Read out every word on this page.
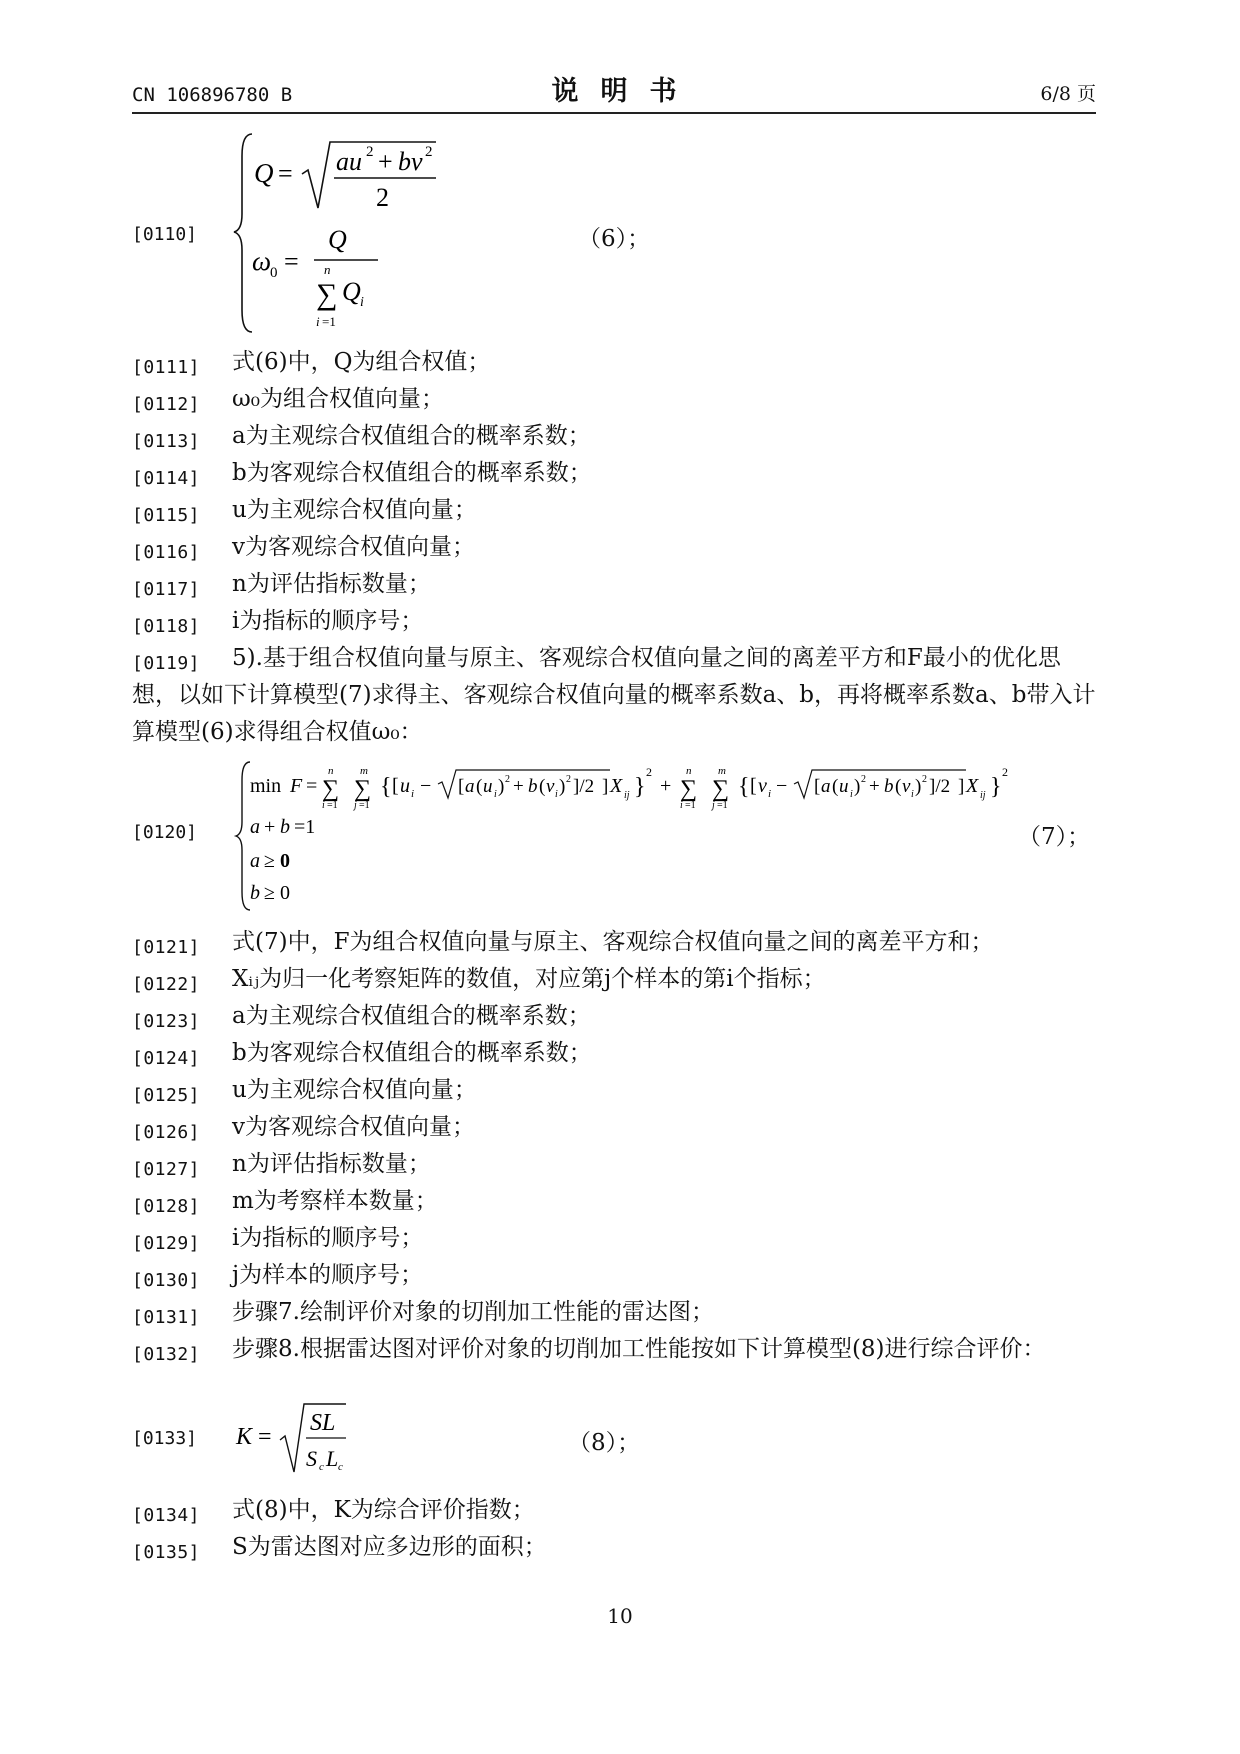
CN 106896780 B	说明书	6/8 页
[0110]
Q = au 2 + bv 2
2
ω
0 =
Q
n
∑ Q i
i =1
（6）；
[0111]	式(6)中，Q为组合权值；
[0112]	ω₀为组合权值向量；
[0113]	a为主观综合权值组合的概率系数；
[0114]	b为客观综合权值组合的概率系数；
[0115]	u为主观综合权值向量；
[0116]	v为客观综合权值向量；
[0117]	n为评估指标数量；
[0118]	i为指标的顺序号；
[0119]	5).基于组合权值向量与原主、客观综合权值向量之间的离差平方和F最小的优化思想，以如下计算模型(7)求得主、客观综合权值向量的概率系数a、b，再将概率系数a、b带入计算模型(6)求得组合权值ω₀：
[0120]
min F =
n
∑
i =1
m
∑
j =1
{ [ u i − [ a ( u i ) 2 + b ( v i ) 2 ]/2 ] X ij }
2
+
n
∑
i =1
m
∑
j =1
{ [ v i − [ a ( u i ) 2 + b ( v i ) 2 ]/2 ] X ij }
2
a + b =1
a ≥ 0
b ≥ 0
（7）；
[0121]	式(7)中，F为组合权值向量与原主、客观综合权值向量之间的离差平方和；
[0122]	Xᵢⱼ为归一化考察矩阵的数值，对应第j个样本的第i个指标；
[0123]	a为主观综合权值组合的概率系数；
[0124]	b为客观综合权值组合的概率系数；
[0125]	u为主观综合权值向量；
[0126]	v为客观综合权值向量；
[0127]	n为评估指标数量；
[0128]	m为考察样本数量；
[0129]	i为指标的顺序号；
[0130]	j为样本的顺序号；
[0131]	步骤7.绘制评价对象的切削加工性能的雷达图；
[0132]	步骤8.根据雷达图对评价对象的切削加工性能按如下计算模型(8)进行综合评价：
[0133] K =
SL
S c L c
（8）；
[0134]	式(8)中，K为综合评价指数；
[0135]	S为雷达图对应多边形的面积；
10
